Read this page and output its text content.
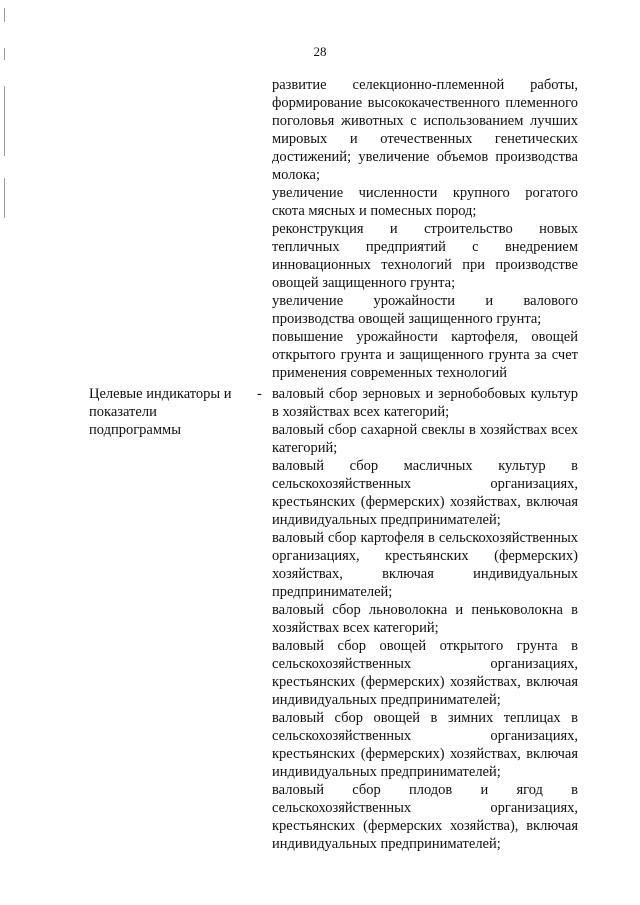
28
развитие селекционно-племенной работы, формирование высококачественного племенного поголовья животных с использованием лучших мировых и отечественных генетических достижений; увеличение объемов производства молока;
увеличение численности крупного рогатого скота мясных и помесных пород;
реконструкция и строительство новых тепличных предприятий с внедрением инновационных технологий при производстве овощей защищенного грунта;
увеличение урожайности и валового производства овощей защищенного грунта;
повышение урожайности картофеля, овощей открытого грунта и защищенного грунта за счет применения современных технологий
Целевые индикаторы и показатели подпрограммы
- валовый сбор зерновых и зернобобовых культур в хозяйствах всех категорий;
валовый сбор сахарной свеклы в хозяйствах всех категорий;
валовый сбор масличных культур в сельскохозяйственных организациях, крестьянских (фермерских) хозяйствах, включая индивидуальных предпринимателей;
валовый сбор картофеля в сельскохозяйственных организациях, крестьянских (фермерских) хозяйствах, включая индивидуальных предпринимателей;
валовый сбор льноволокна и пеньковолокна в хозяйствах всех категорий;
валовый сбор овощей открытого грунта в сельскохозяйственных организациях, крестьянских (фермерских) хозяйствах, включая индивидуальных предпринимателей;
валовый сбор овощей в зимних теплицах в сельскохозяйственных организациях, крестьянских (фермерских) хозяйствах, включая индивидуальных предпринимателей;
валовый сбор плодов и ягод в сельскохозяйственных организациях, крестьянских (фермерских хозяйства), включая индивидуальных предпринимателей;
